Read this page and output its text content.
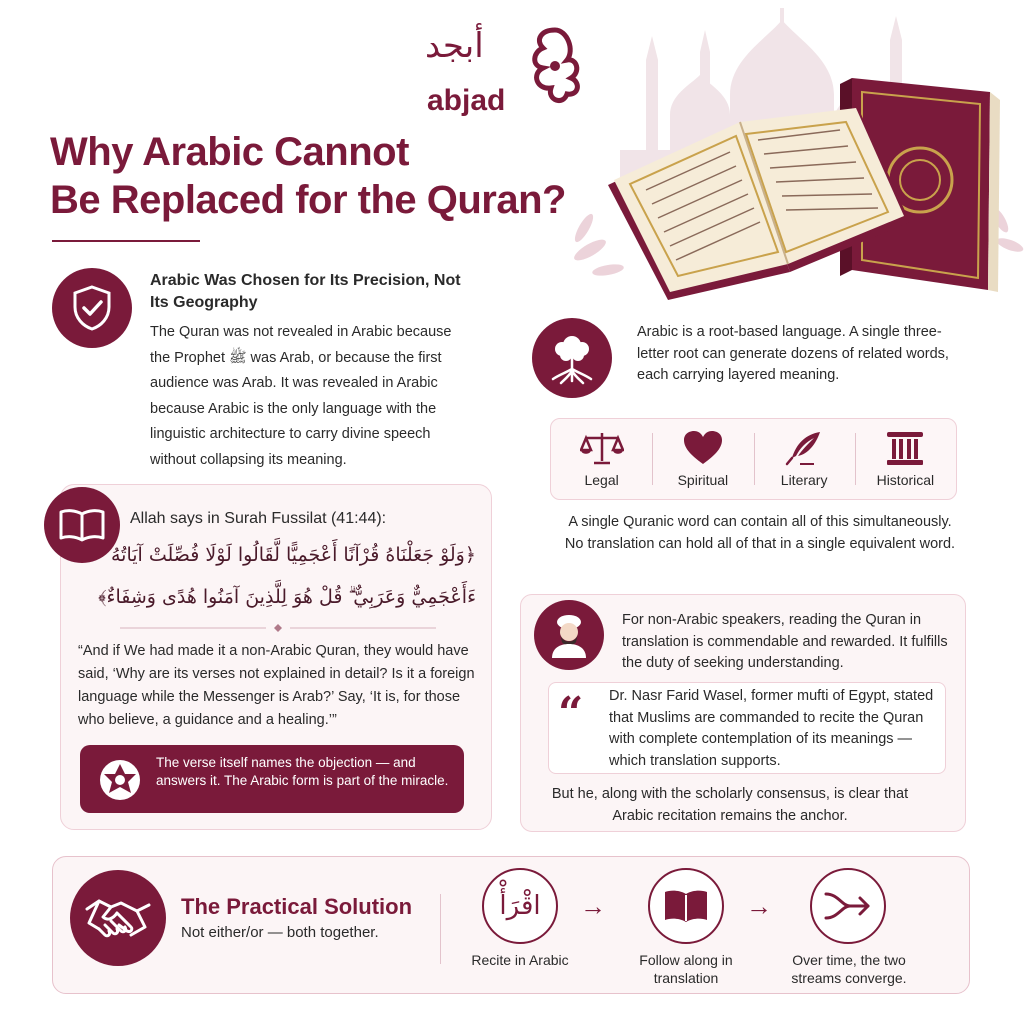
أبجد
abjad
Why Arabic Cannot
Be Replaced for the Quran?
Arabic Was Chosen for Its Precision, Not Its Geography
The Quran was not revealed in Arabic because the Prophet ﷺ was Arab, or because the first audience was Arab. It was revealed in Arabic because Arabic is the only language with the linguistic architecture to carry divine speech without collapsing its meaning.
Arabic is a root-based language. A single three-letter root can generate dozens of related words, each carrying layered meaning.
Legal	Spiritual	Literary	Historical
A single Quranic word can contain all of this simultaneously. No translation can hold all of that in a single equivalent word.
Allah says in Surah Fussilat (41:44):
﴿وَلَوْ جَعَلْنَاهُ قُرْآنًا أَعْجَمِيًّا لَّقَالُوا لَوْلَا فُصِّلَتْ آيَاتُهُ
ءَأَعْجَمِيٌّ وَعَرَبِيٌّ ۗ قُلْ هُوَ لِلَّذِينَ آمَنُوا هُدًى وَشِفَاءٌ﴾
“And if We had made it a non-Arabic Quran, they would have said, ‘Why are its verses not explained in detail? Is it a foreign language while the Messenger is Arab?’ Say, ‘It is, for those who believe, a guidance and a healing.’”
The verse itself names the objection — and answers it. The Arabic form is part of the miracle.
For non-Arabic speakers, reading the Quran in translation is commendable and rewarded. It fulfills the duty of seeking understanding.
“ Dr. Nasr Farid Wasel, former mufti of Egypt, stated that Muslims are commanded to recite the Quran with complete contemplation of its meanings — which translation supports.
But he, along with the scholarly consensus, is clear that Arabic recitation remains the anchor.
The Practical Solution
Not either/or — both together.
اقْرَأْ →	→
Recite in Arabic	Follow along in translation
Over time, the two streams converge.
